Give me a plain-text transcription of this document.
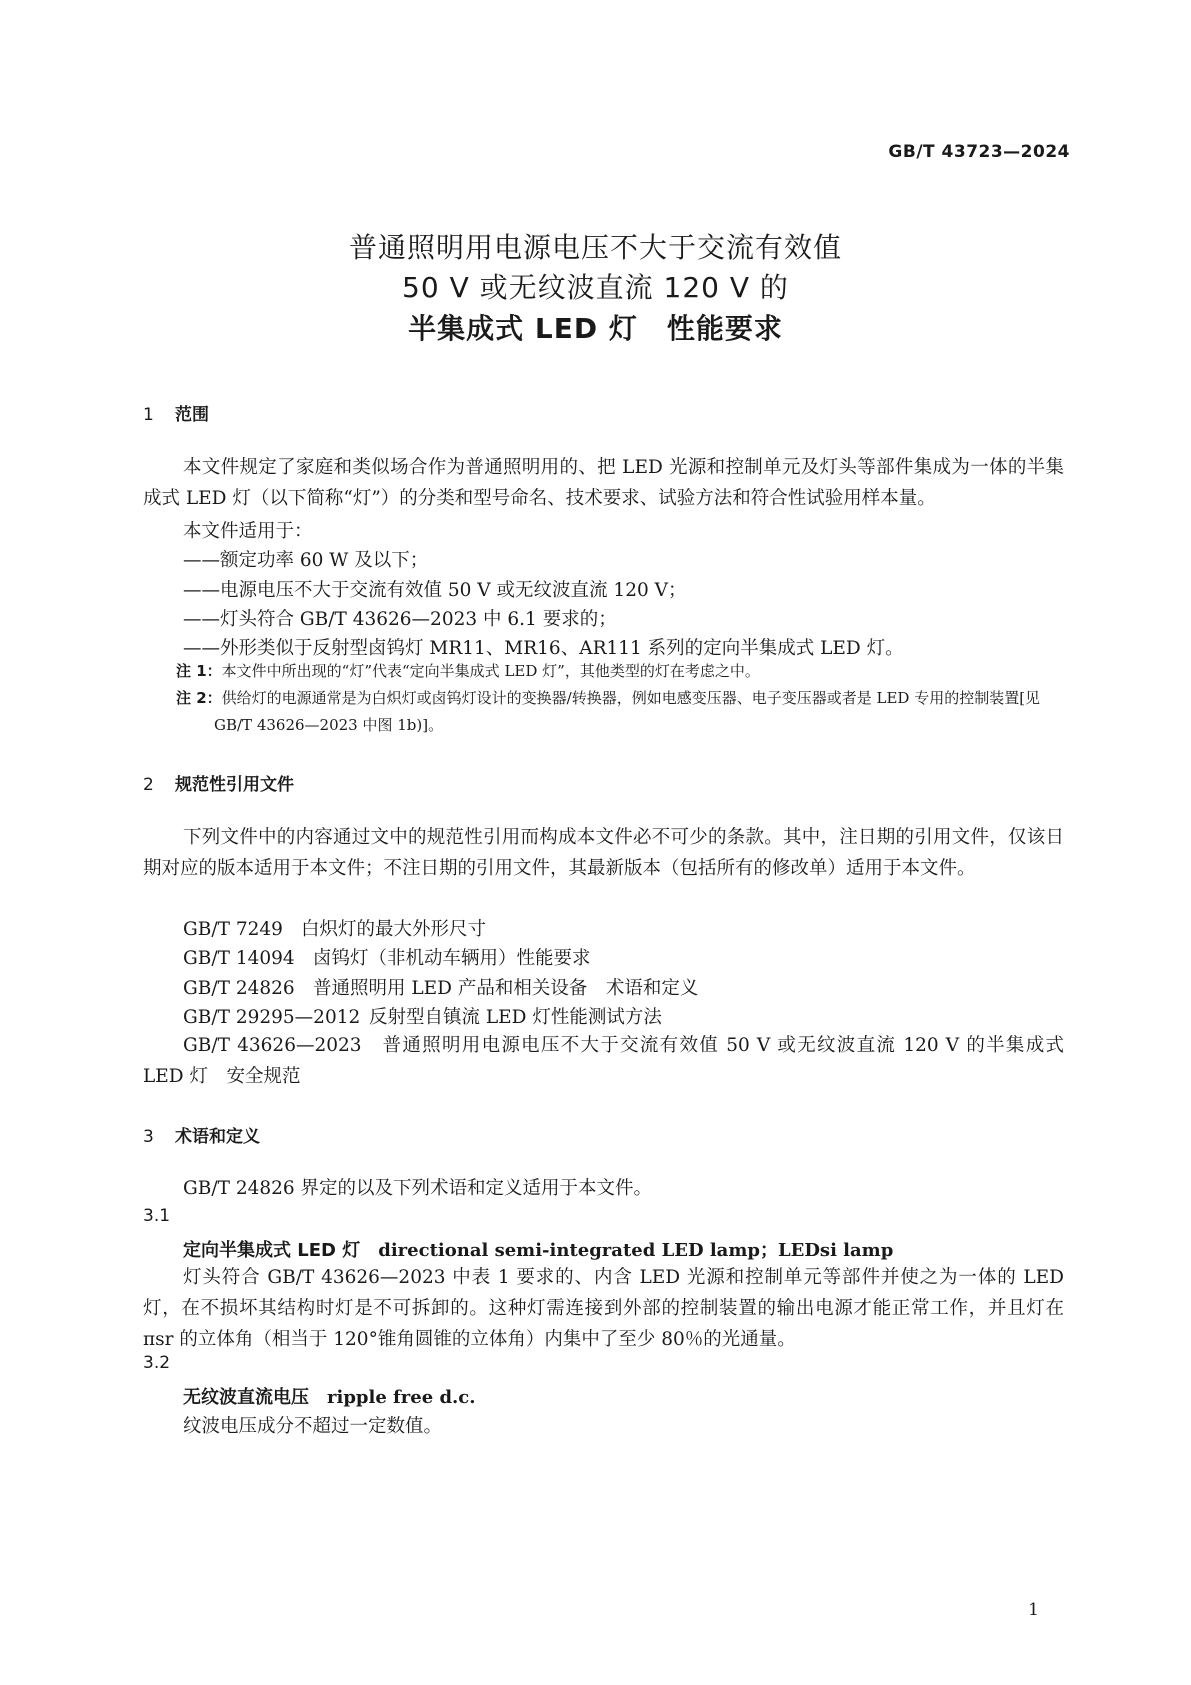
GB/T 43723—2024
普通照明用电源电压不大于交流有效值
50 V 或无纹波直流 120 V 的
半集成式 LED 灯　性能要求
1 范围
本文件规定了家庭和类似场合作为普通照明用的、把 LED 光源和控制单元及灯头等部件集成为一体的半集成式 LED 灯（以下简称“灯”）的分类和型号命名、技术要求、试验方法和符合性试验用样本量。
本文件适用于：
——额定功率 60 W 及以下；
——电源电压不大于交流有效值 50 V 或无纹波直流 120 V；
——灯头符合 GB/T 43626—2023 中 6.1 要求的；
——外形类似于反射型卤钨灯 MR11、MR16、AR111 系列的定向半集成式 LED 灯。
注 1：本文件中所出现的“灯”代表“定向半集成式 LED 灯”，其他类型的灯在考虑之中。
注 2：供给灯的电源通常是为白炽灯或卤钨灯设计的变换器/转换器，例如电感变压器、电子变压器或者是 LED 专用的控制装置[见 GB/T 43626—2023 中图 1b)]。
2 规范性引用文件
下列文件中的内容通过文中的规范性引用而构成本文件必不可少的条款。其中，注日期的引用文件，仅该日期对应的版本适用于本文件；不注日期的引用文件，其最新版本（包括所有的修改单）适用于本文件。
GB/T 7249 白炽灯的最大外形尺寸
GB/T 14094 卤钨灯（非机动车辆用）性能要求
GB/T 24826 普通照明用 LED 产品和相关设备　术语和定义
GB/T 29295—2012 反射型自镇流 LED 灯性能测试方法
GB/T 43626—2023　普通照明用电源电压不大于交流有效值 50 V 或无纹波直流 120 V 的半集成式 LED 灯　安全规范
3 术语和定义
GB/T 24826 界定的以及下列术语和定义适用于本文件。
3.1
定向半集成式 LED 灯　 directional semi-integrated LED lamp；LEDsi lamp
灯头符合 GB/T 43626—2023 中表 1 要求的、内含 LED 光源和控制单元等部件并使之为一体的 LED 灯，在不损坏其结构时灯是不可拆卸的。这种灯需连接到外部的控制装置的输出电源才能正常工作，并且灯在 πsr 的立体角（相当于 120°锥角圆锥的立体角）内集中了至少 80％的光通量。
3.2
无纹波直流电压　 ripple free d.c.
纹波电压成分不超过一定数值。
1
